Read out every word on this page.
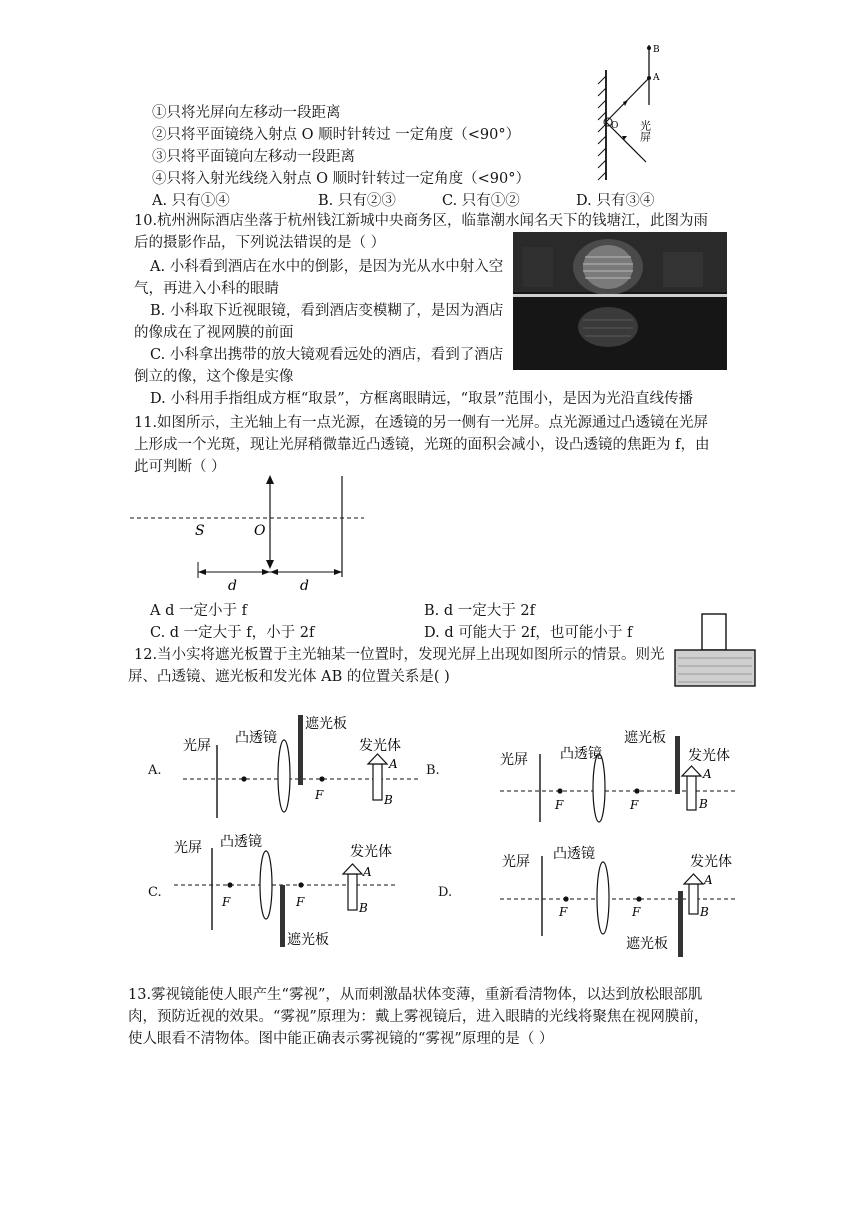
①只将光屏向左移动一段距离
②只将平面镜绕入射点 O 顺时针转过 一定角度（<90°）
③只将平面镜向左移动一段距离
④只将入射光线绕入射点 O 顺时针转过一定角度（<90°）
A. 只有①④	B. 只有②③	C. 只有①②	D. 只有③④
B
A
O 光屏
10.杭州洲际酒店坐落于杭州钱江新城中央商务区，临靠潮水闻名天下的钱塘江，此图为雨
后的摄影作品，下列说法错误的是（ ）
A. 小科看到酒店在水中的倒影，是因为光从水中射入空
气，再进入小科的眼睛
B. 小科取下近视眼镜，看到酒店变模糊了，是因为酒店
的像成在了视网膜的前面
C. 小科拿出携带的放大镜观看远处的酒店，看到了酒店
倒立的像，这个像是实像
D. 小科用手指组成方框“取景”，方框离眼睛远，“取景”范围小，是因为光沿直线传播
11.如图所示，主光轴上有一点光源，在透镜的另一侧有一光屏。点光源通过凸透镜在光屏
上形成一个光斑，现让光屏稍微靠近凸透镜，光斑的面积会减小，设凸透镜的焦距为 f，由
此可判断（ ）
S	O
d	d
A d 一定小于 f	B. d 一定大于 2f
C. d 一定大于 f，小于 2f	D. d 可能大于 2f，也可能小于 f
12.当小实将遮光板置于主光轴某一位置时，发现光屏上出现如图所示的情景。则光
屏、凸透镜、遮光板和发光体 AB 的位置关系是( )
A.
光屏 凸透镜
遮光板
F
发光体
A
B
B.
光屏 凸透镜
遮光板
F	F
发光体
A
B
C.
光屏 凸透镜
遮光板
F	F
发光体
A
B
D.
光屏 凸透镜
遮光板
F	F
发光体
A
B
13.雾视镜能使人眼产生“雾视”，从而刺激晶状体变薄，重新看清物体，以达到放松眼部肌
肉，预防近视的效果。“雾视”原理为：戴上雾视镜后，进入眼睛的光线将聚焦在视网膜前，
使人眼看不清物体。图中能正确表示雾视镜的“雾视”原理的是（ ）
